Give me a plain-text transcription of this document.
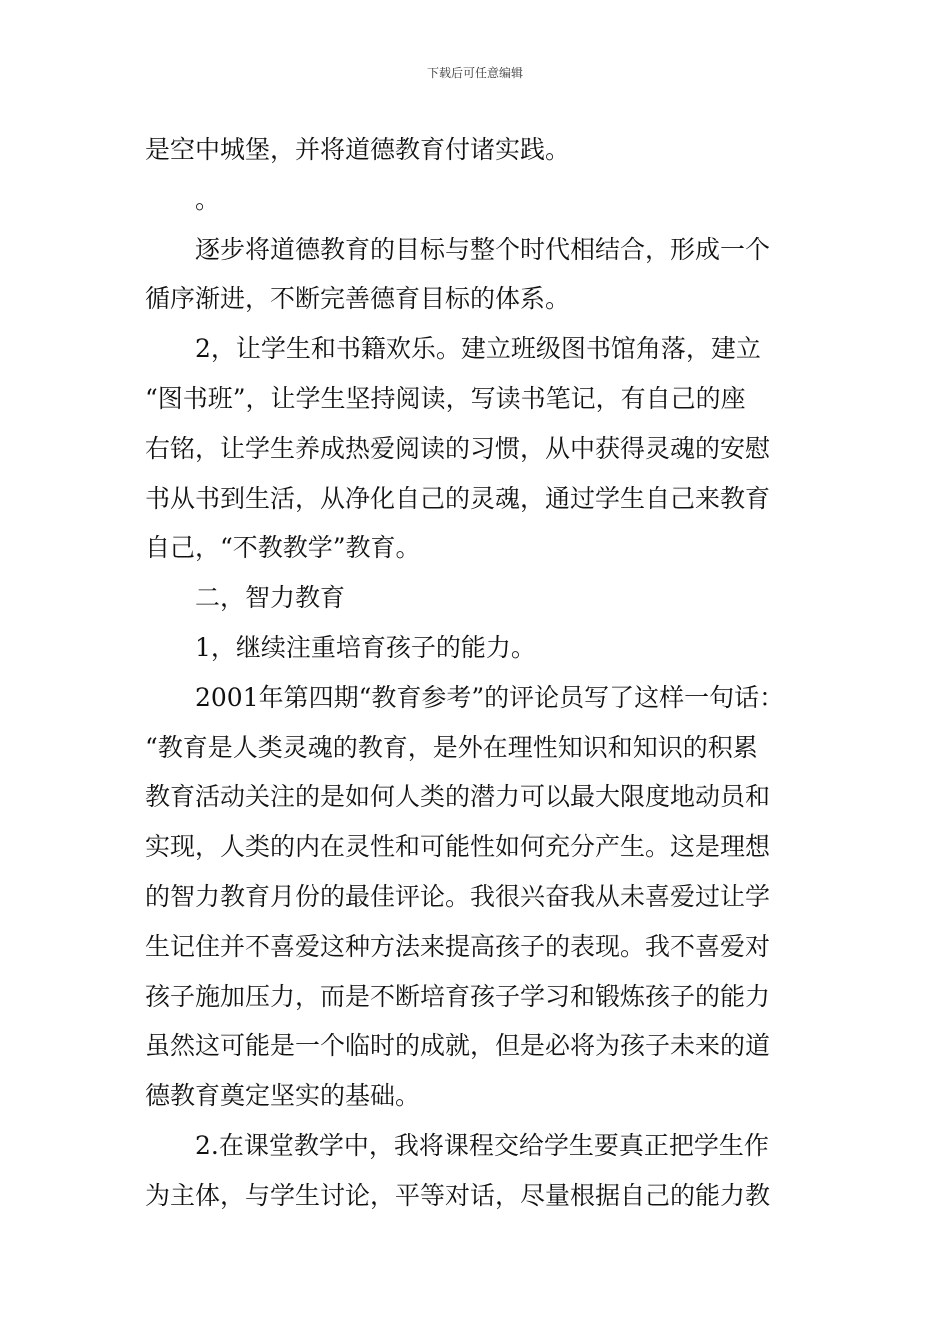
下载后可任意编辑
是空中城堡，并将道德教育付诸实践。
。
逐步将道德教育的目标与整个时代相结合，形成一个
循序渐进，不断完善德育目标的体系。
2，让学生和书籍欢乐。建立班级图书馆角落，建立
“图书班”，让学生坚持阅读，写读书笔记，有自己的座
右铭，让学生养成热爱阅读的习惯，从中获得灵魂的安慰
书从书到生活，从净化自己的灵魂，通过学生自己来教育
自己，“不教教学”教育。
二，智力教育
1，继续注重培育孩子的能力。
2001年第四期“教育参考”的评论员写了这样一句话：
“教育是人类灵魂的教育，是外在理性知识和知识的积累
教育活动关注的是如何人类的潜力可以最大限度地动员和
实现，人类的内在灵性和可能性如何充分产生。这是理想
的智力教育月份的最佳评论。我很兴奋我从未喜爱过让学
生记住并不喜爱这种方法来提高孩子的表现。我不喜爱对
孩子施加压力，而是不断培育孩子学习和锻炼孩子的能力
虽然这可能是一个临时的成就，但是必将为孩子未来的道
德教育奠定坚实的基础。
2.在课堂教学中，我将课程交给学生要真正把学生作
为主体，与学生讨论，平等对话，尽量根据自己的能力教
